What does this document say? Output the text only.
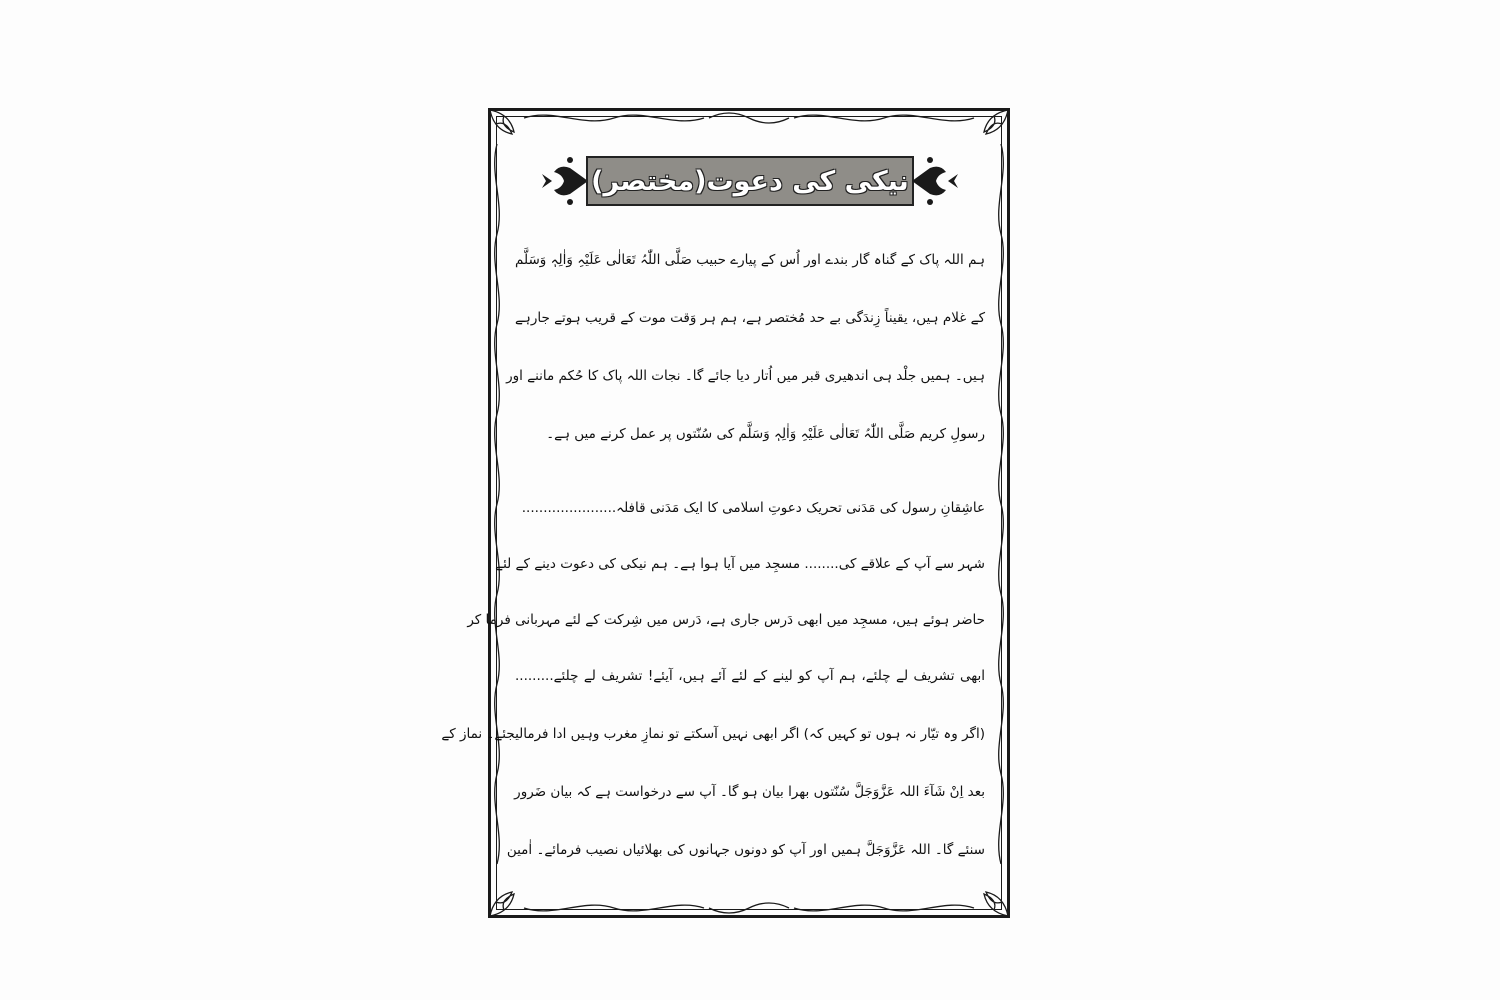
نیکی کی دعوت(مختصر)
ہم اللہ پاک کے گناہ گار بندے اور اُس کے پیارے حبیب صَلَّی اللّٰہُ تَعَالٰی عَلَیْہِ وَاٰلِہٖ وَسَلَّم
کے غلام ہیں، یقیناً زِندَگی بے حد مُختصر ہے، ہم ہر وَقت موت کے قریب ہوتے جارہے
ہیں۔ ہمیں جلْد ہی اندھیری قبر میں اُتار دیا جائے گا۔ نجات اللہ پاک کا حُکم ماننے اور
رسولِ کریم صَلَّی اللّٰہُ تَعَالٰی عَلَیْہِ وَاٰلِہٖ وَسَلَّم کی سُنّتوں پر عمل کرنے میں ہے۔
عاشِقانِ رسول کی مَدَنی تحریک دعوتِ اسلامی کا ایک مَدَنی قافلہ......................
شہر سے آپ کے علاقے کی........ مسجِد میں آیا ہوا ہے۔ ہم نیکی کی دعوت دینے کے لئے
حاضر ہوئے ہیں، مسجِد میں ابھی دَرس جاری ہے، دَرس میں شِرکت کے لئے مہربانی فرما کر
ابھی تشریف لے چلئے، ہم آپ کو لینے کے لئے آئے ہیں، آیئے! تشریف لے چلئے.........
(اگر وہ تیّار نہ ہوں تو کہیں کہ) اگر ابھی نہیں آسکتے تو نمازِ مغرب وہیں ادا فرمالیجئے۔ نماز کے
بعد اِنْ شَآءَ اللہ عَزَّوَجَلَّ سُنّتوں بھرا بیان ہو گا۔ آپ سے درخواست ہے کہ بیان ضَرور
سنئے گا۔ اللہ عَزَّوَجَلَّ ہمیں اور آپ کو دونوں جہانوں کی بھلائیاں نصیب فرمائے۔ اٰمین
